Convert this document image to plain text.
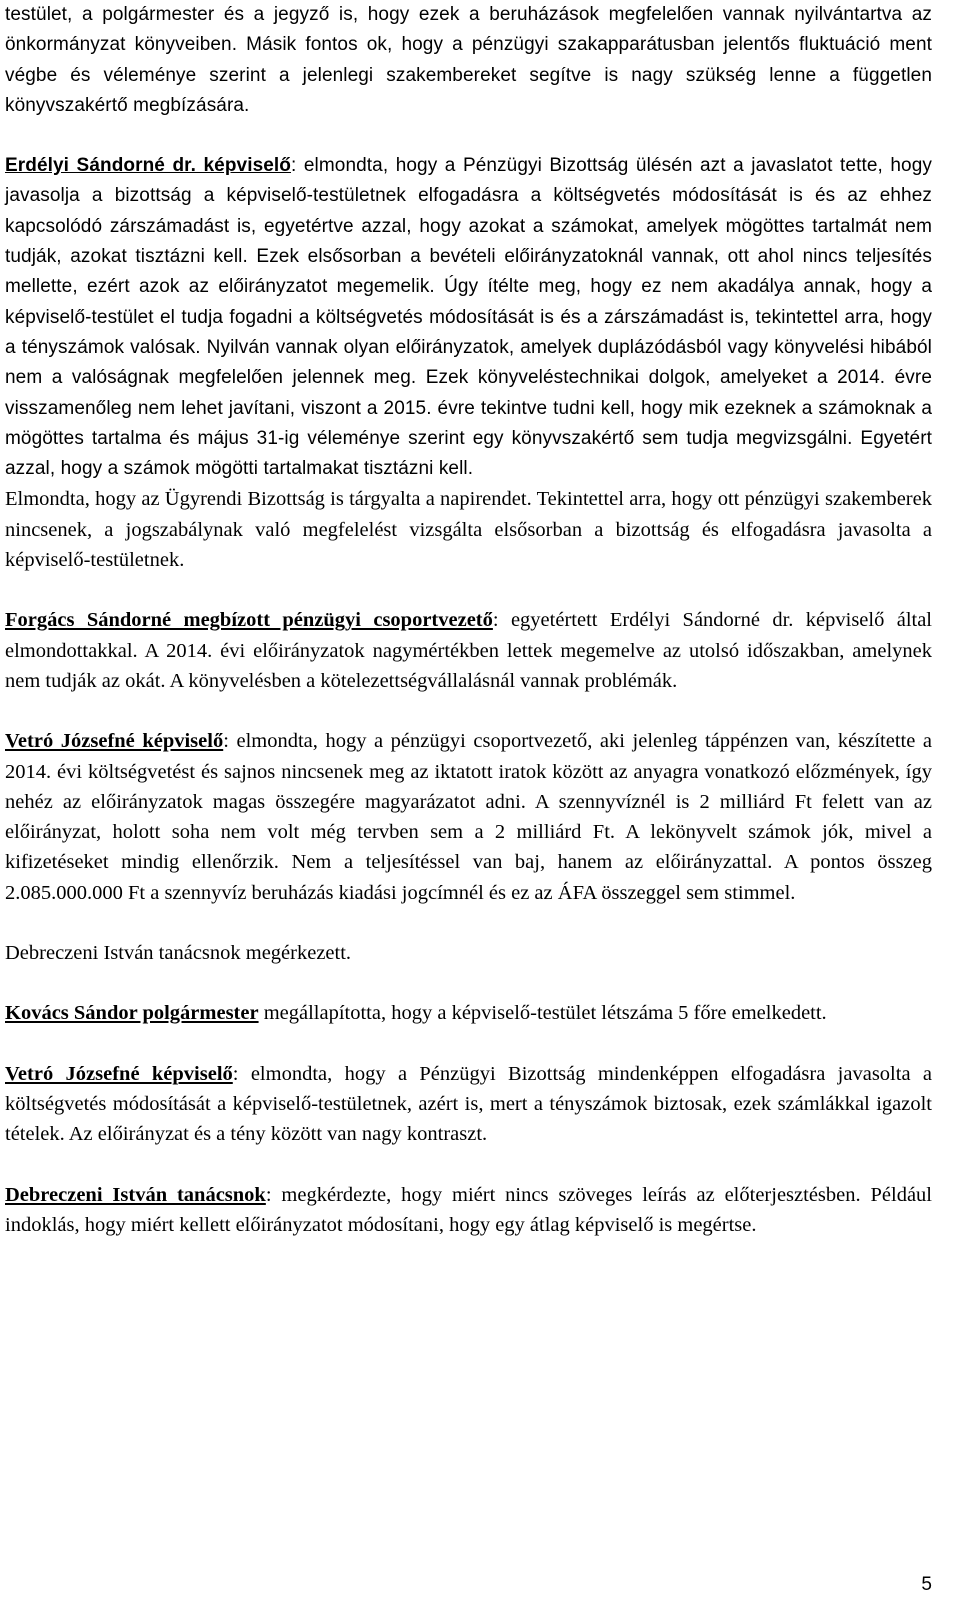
testület, a polgármester és a jegyző is, hogy ezek a beruházások megfelelően vannak nyilvántartva az önkormányzat könyveiben. Másik fontos ok, hogy a pénzügyi szakapparátusban jelentős fluktuáció ment végbe és véleménye szerint a jelenlegi szakembereket segítve is nagy szükség lenne a független könyvszakértő megbízására.

Erdélyi Sándorné dr. képviselő: elmondta, hogy a Pénzügyi Bizottság ülésén azt a javaslatot tette, hogy javasolja a bizottság a képviselő-testületnek elfogadásra a költségvetés módosítását is és az ehhez kapcsolódó zárszámadást is, egyetértve azzal, hogy azokat a számokat, amelyek mögöttes tartalmát nem tudják, azokat tisztázni kell. Ezek elsősorban a bevételi előirányzatoknál vannak, ott ahol nincs teljesítés mellette, ezért azok az előirányzatot megemelik. Úgy ítélte meg, hogy ez nem akadálya annak, hogy a képviselő-testület el tudja fogadni a költségvetés módosítását is és a zárszámadást is, tekintettel arra, hogy a tényszámok valósak. Nyilván vannak olyan előirányzatok, amelyek duplázódásból vagy könyvelési hibából nem a valóságnak megfelelően jelennek meg. Ezek könyveléstechnikai dolgok, amelyeket a 2014. évre visszamenőleg nem lehet javítani, viszont a 2015. évre tekintve tudni kell, hogy mik ezeknek a számoknak a mögöttes tartalma és május 31-ig véleménye szerint egy könyvszakértő sem tudja megvizsgálni. Egyetért azzal, hogy a számok mögötti tartalmakat tisztázni kell.

Elmondta, hogy az Ügyrendi Bizottság is tárgyalta a napirendet. Tekintettel arra, hogy ott pénzügyi szakemberek nincsenek, a jogszabálynak való megfelelést vizsgálta elsősorban a bizottság és elfogadásra javasolta a képviselő-testületnek.

Forgács Sándorné megbízott pénzügyi csoportvezető: egyetértett Erdélyi Sándorné dr. képviselő által elmondottakkal. A 2014. évi előirányzatok nagymértékben lettek megemelve az utolsó időszakban, amelynek nem tudják az okát. A könyvelésben a kötelezettségvállalásnál vannak problémák.

Vetró Józsefné képviselő: elmondta, hogy a pénzügyi csoportvezető, aki jelenleg táppénzen van, készítette a 2014. évi költségvetést és sajnos nincsenek meg az iktatott iratok között az anyagra vonatkozó előzmények, így nehéz az előirányzatok magas összegére magyarázatot adni. A szennyvíznél is 2 milliárd Ft felett van az előirányzat, holott soha nem volt még tervben sem a 2 milliárd Ft. A lekönyvelt számok jók, mivel a kifizetéseket mindig ellenőrzik. Nem a teljesítéssel van baj, hanem az előirányzattal. A pontos összeg 2.085.000.000 Ft a szennyvíz beruházás kiadási jogcímnél és ez az ÁFA összeggel sem stimmel.

Debreczeni István tanácsnok megérkezett.

Kovács Sándor polgármester megállapította, hogy a képviselő-testület létszáma 5 főre emelkedett.

Vetró Józsefné képviselő: elmondta, hogy a Pénzügyi Bizottság mindenképpen elfogadásra javasolta a költségvetés módosítását a képviselő-testületnek, azért is, mert a tényszámok biztosak, ezek számlákkal igazolt tételek. Az előirányzat és a tény között van nagy kontraszt.

Debreczeni István tanácsnok: megkérdezte, hogy miért nincs szöveges leírás az előterjesztésben. Például indoklás, hogy miért kellett előirányzatot módosítani, hogy egy átlag képviselő is megértse.

5
